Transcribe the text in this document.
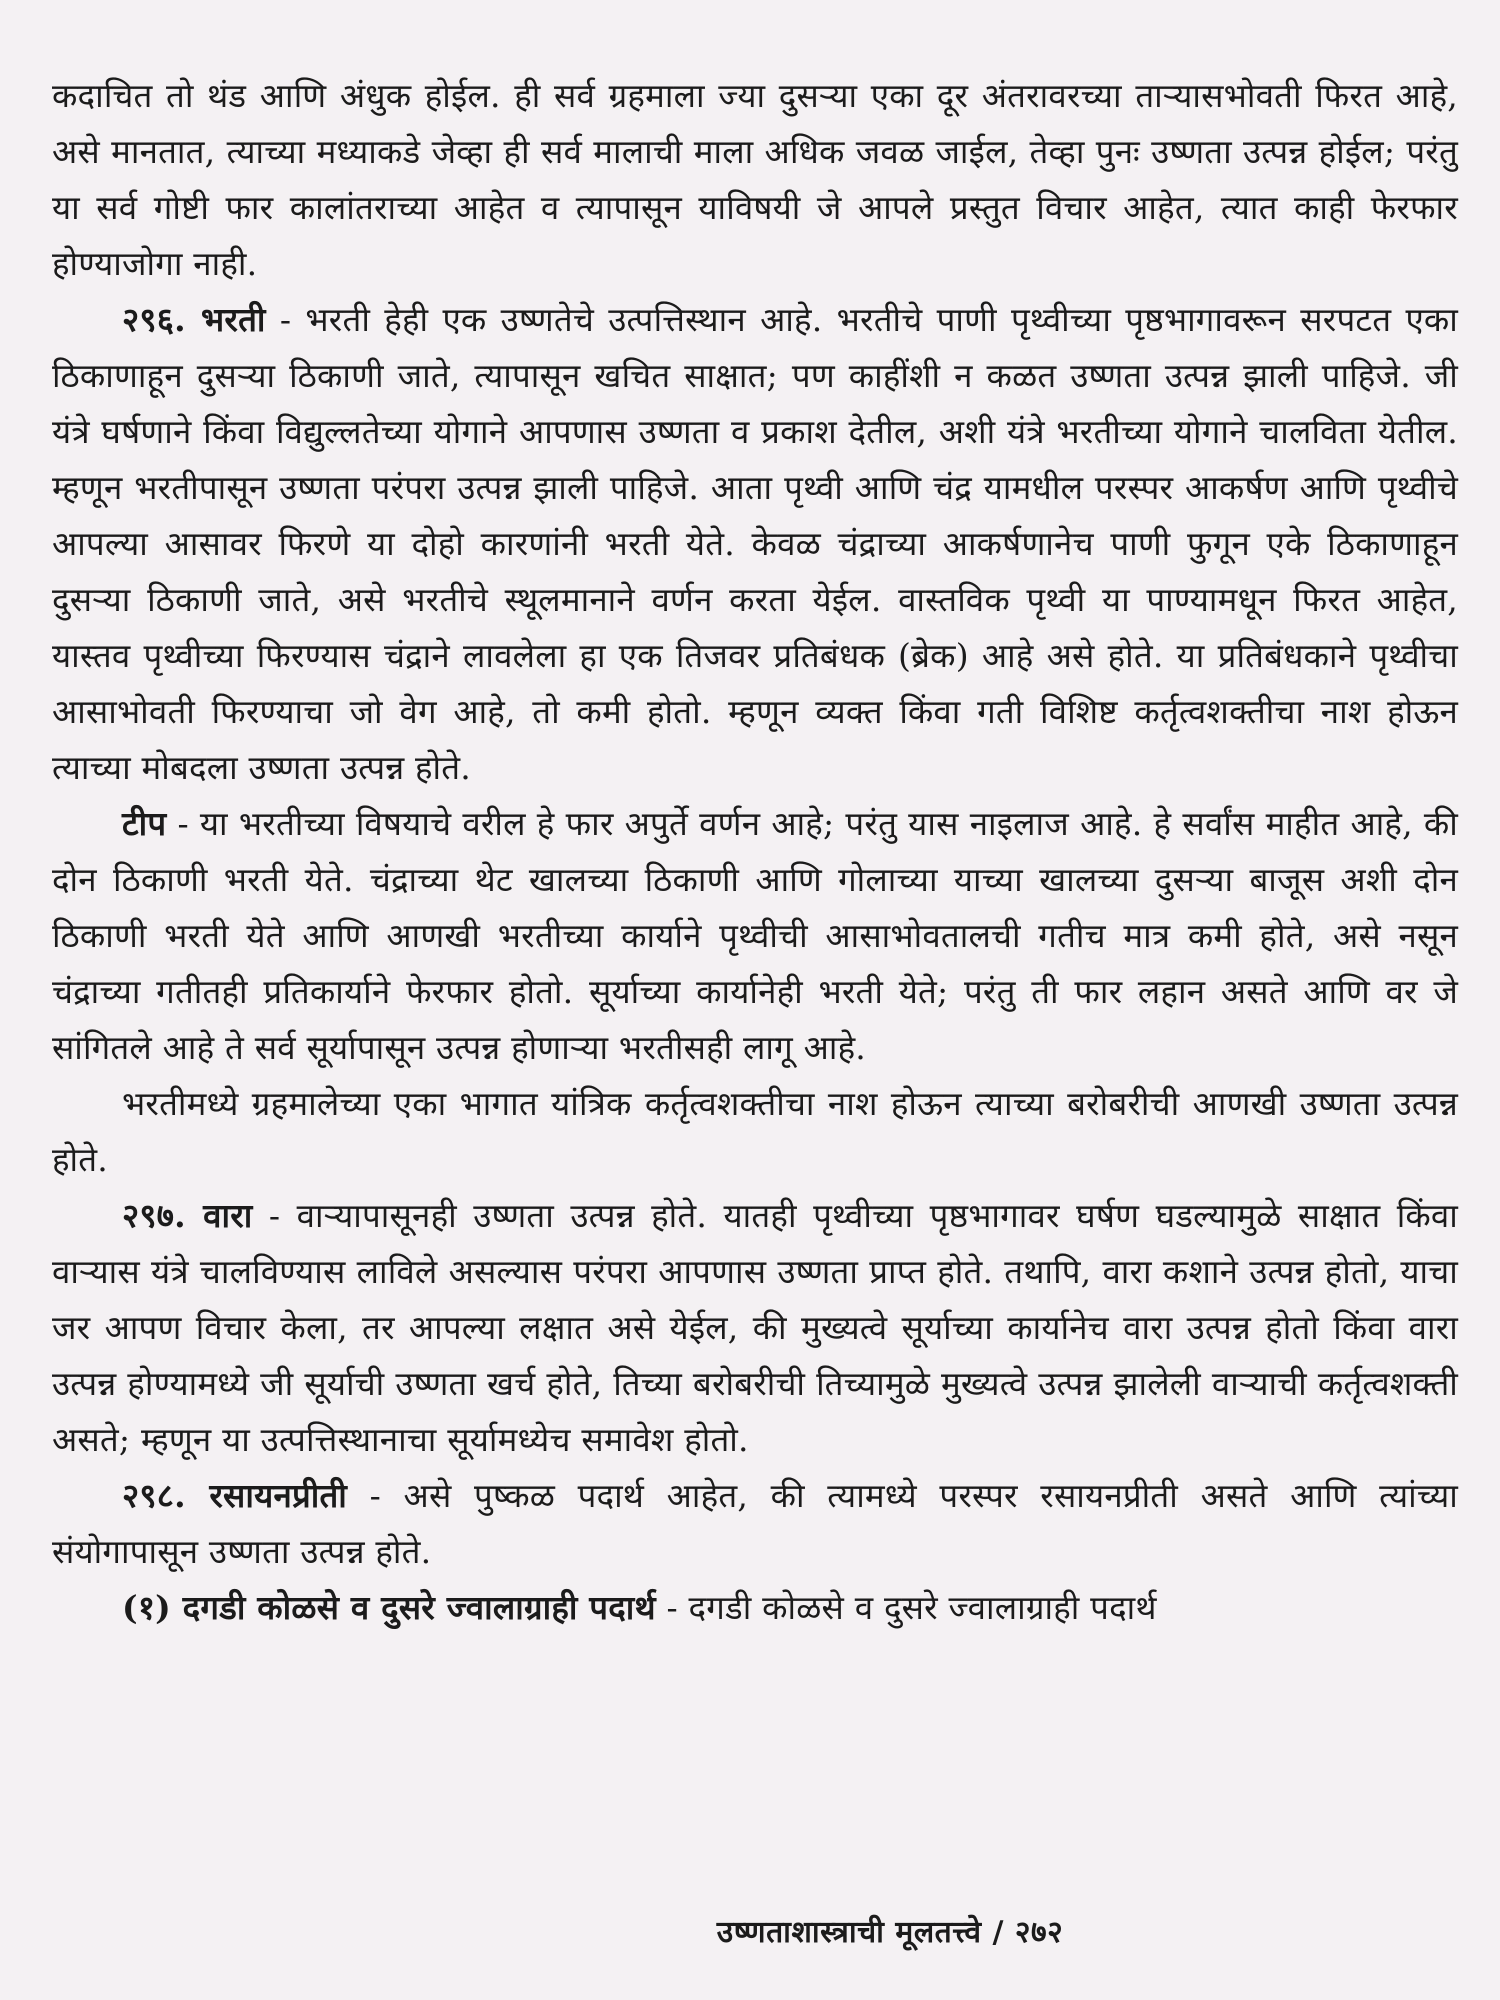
कदाचित तो थंड आणि अंधुक होईल. ही सर्व ग्रहमाला ज्या दुसऱ्या एका दूर अंतरावरच्या ताऱ्यासभोवती फिरत आहे, असे मानतात, त्याच्या मध्याकडे जेव्हा ही सर्व मालाची माला अधिक जवळ जाईल, तेव्हा पुनः उष्णता उत्पन्न होईल; परंतु या सर्व गोष्टी फार कालांतराच्या आहेत व त्यापासून याविषयी जे आपले प्रस्तुत विचार आहेत, त्यात काही फेरफार होण्याजोगा नाही.

२९६. भरती - भरती हेही एक उष्णतेचे उत्पत्तिस्थान आहे. भरतीचे पाणी पृथ्वीच्या पृष्ठभागावरून सरपटत एका ठिकाणाहून दुसऱ्या ठिकाणी जाते, त्यापासून खचित साक्षात; पण काहींशी न कळत उष्णता उत्पन्न झाली पाहिजे. जी यंत्रे घर्षणाने किंवा विद्युल्लतेच्या योगाने आपणास उष्णता व प्रकाश देतील, अशी यंत्रे भरतीच्या योगाने चालविता येतील. म्हणून भरतीपासून उष्णता परंपरा उत्पन्न झाली पाहिजे. आता पृथ्वी आणि चंद्र यामधील परस्पर आकर्षण आणि पृथ्वीचे आपल्या आसावर फिरणे या दोहो कारणांनी भरती येते. केवळ चंद्राच्या आकर्षणानेच पाणी फुगून एके ठिकाणाहून दुसऱ्या ठिकाणी जाते, असे भरतीचे स्थूलमानाने वर्णन करता येईल. वास्तविक पृथ्वी या पाण्यामधून फिरत आहेत, यास्तव पृथ्वीच्या फिरण्यास चंद्राने लावलेला हा एक तिजवर प्रतिबंधक (ब्रेक) आहे असे होते. या प्रतिबंधकाने पृथ्वीचा आसाभोवती फिरण्याचा जो वेग आहे, तो कमी होतो. म्हणून व्यक्त किंवा गती विशिष्ट कर्तृत्वशक्तीचा नाश होऊन त्याच्या मोबदला उष्णता उत्पन्न होते.

टीप - या भरतीच्या विषयाचे वरील हे फार अपुर्ते वर्णन आहे; परंतु यास नाइलाज आहे. हे सर्वांस माहीत आहे, की दोन ठिकाणी भरती येते. चंद्राच्या थेट खालच्या ठिकाणी आणि गोलाच्या याच्या खालच्या दुसऱ्या बाजूस अशी दोन ठिकाणी भरती येते आणि आणखी भरतीच्या कार्याने पृथ्वीची आसाभोवतालची गतीच मात्र कमी होते, असे नसून चंद्राच्या गतीतही प्रतिकार्याने फेरफार होतो. सूर्याच्या कार्यानेही भरती येते; परंतु ती फार लहान असते आणि वर जे सांगितले आहे ते सर्व सूर्यापासून उत्पन्न होणाऱ्या भरतीसही लागू आहे.

भरतीमध्ये ग्रहमालेच्या एका भागात यांत्रिक कर्तृत्वशक्तीचा नाश होऊन त्याच्या बरोबरीची आणखी उष्णता उत्पन्न होते.

२९७. वारा - वाऱ्यापासूनही उष्णता उत्पन्न होते. यातही पृथ्वीच्या पृष्ठभागावर घर्षण घडल्यामुळे साक्षात किंवा वाऱ्यास यंत्रे चालविण्यास लाविले असल्यास परंपरा आपणास उष्णता प्राप्त होते. तथापि, वारा कशाने उत्पन्न होतो, याचा जर आपण विचार केला, तर आपल्या लक्षात असे येईल, की मुख्यत्वे सूर्याच्या कार्यानेच वारा उत्पन्न होतो किंवा वारा उत्पन्न होण्यामध्ये जी सूर्याची उष्णता खर्च होते, तिच्या बरोबरीची तिच्यामुळे मुख्यत्वे उत्पन्न झालेली वाऱ्याची कर्तृत्वशक्ती असते; म्हणून या उत्पत्तिस्थानाचा सूर्यामध्येच समावेश होतो.

२९८. रसायनप्रीती - असे पुष्कळ पदार्थ आहेत, की त्यामध्ये परस्पर रसायनप्रीती असते आणि त्यांच्या संयोगापासून उष्णता उत्पन्न होते.

(१) दगडी कोळसे व दुसरे ज्वालाग्राही पदार्थ - दगडी कोळसे व दुसरे ज्वालाग्राही पदार्थ

उष्णताशास्त्राची मूलतत्त्वे / २७२
